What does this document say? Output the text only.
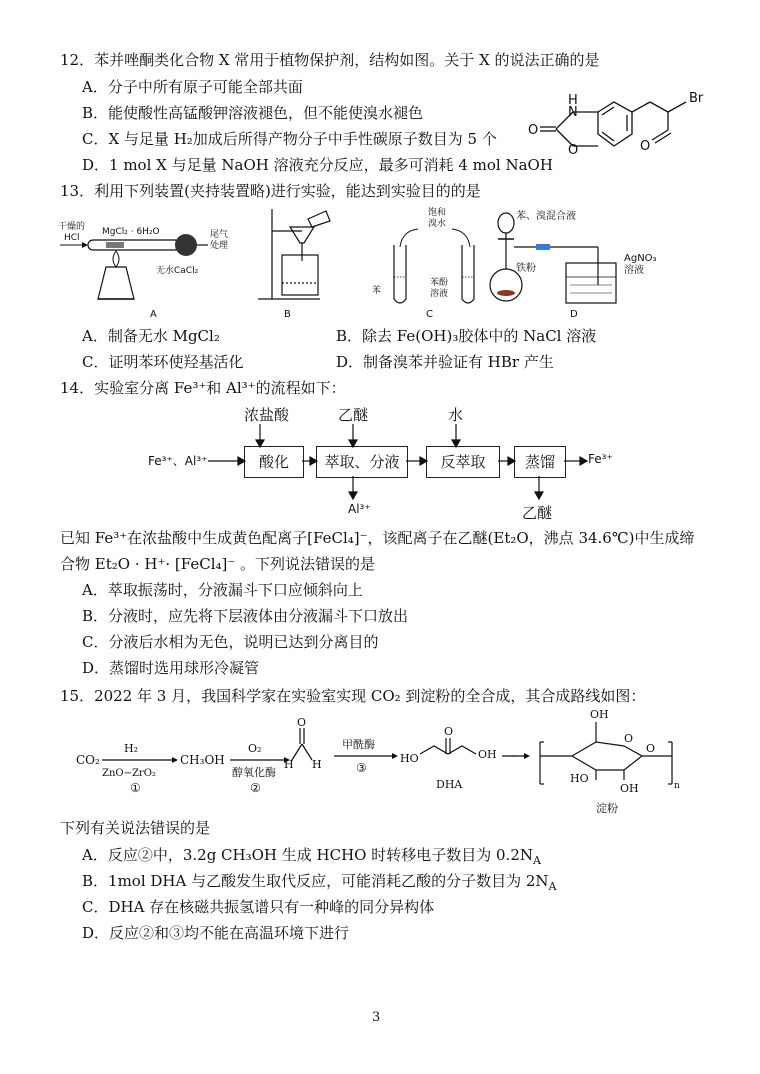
12．苯并唑酮类化合物 X 常用于植物保护剂，结构如图。关于 X 的说法正确的是
A．分子中所有原子可能全部共面
B．能使酸性高锰酸钾溶液褪色，但不能使溴水褪色
C．X 与足量 H₂加成后所得产物分子中手性碳原子数目为 5 个
D．1 mol X 与足量 NaOH 溶液充分反应，最多可消耗 4 mol NaOH
H
N
O
O
Br
O
13．利用下列装置(夹持装置略)进行实验，能达到实验目的的是
干燥的 HCl
MgCl₂ · 6H₂O
无水CaCl₂
尾气处理
A	B
饱和溴水
苯
苯酚溶液
C
苯、溴混合液
铁粉
AgNO₃ 溶液
D
A．制备无水 MgCl₂	B．除去 Fe(OH)₃胶体中的 NaCl 溶液
C．证明苯环使羟基活化	D．制备溴苯并验证有 HBr 产生
14．实验室分离 Fe³⁺和 Al³⁺的流程如下：
浓盐酸	乙醚	水
Fe³⁺、Al³⁺	酸化	萃取、分液	反萃取	蒸馏	Fe³⁺
Al³⁺	乙醚
已知 Fe³⁺在浓盐酸中生成黄色配离子[FeCl₄]⁻，该配离子在乙醚(Et₂O，沸点 34.6℃)中生成缔
合物 Et₂O · H⁺· [FeCl₄]⁻ 。下列说法错误的是
A．萃取振荡时，分液漏斗下口应倾斜向上
B．分液时，应先将下层液体由分液漏斗下口放出
C．分液后水相为无色，说明已达到分离目的
D．蒸馏时选用球形冷凝管
15．2022 年 3 月，我国科学家在实验室实现 CO₂ 到淀粉的全合成，其合成路线如图：
CO₂
H₂
ZnO−ZrO₂
①
CH₃OH
O₂
醇氧化酶
②
O
H
H
甲酰酶
③
HO
O
OH
DHA
OH
O
HO
OH
O
n
淀粉
下列有关说法错误的是
A．反应②中，3.2g CH₃OH 生成 HCHO 时转移电子数目为 $0.2N_A$
B．1mol DHA 与乙酸发生取代反应，可能消耗乙酸的分子数目为 $2N_A$
C．DHA 存在核磁共振氢谱只有一种峰的同分异构体
D．反应②和③均不能在高温环境下进行
3
